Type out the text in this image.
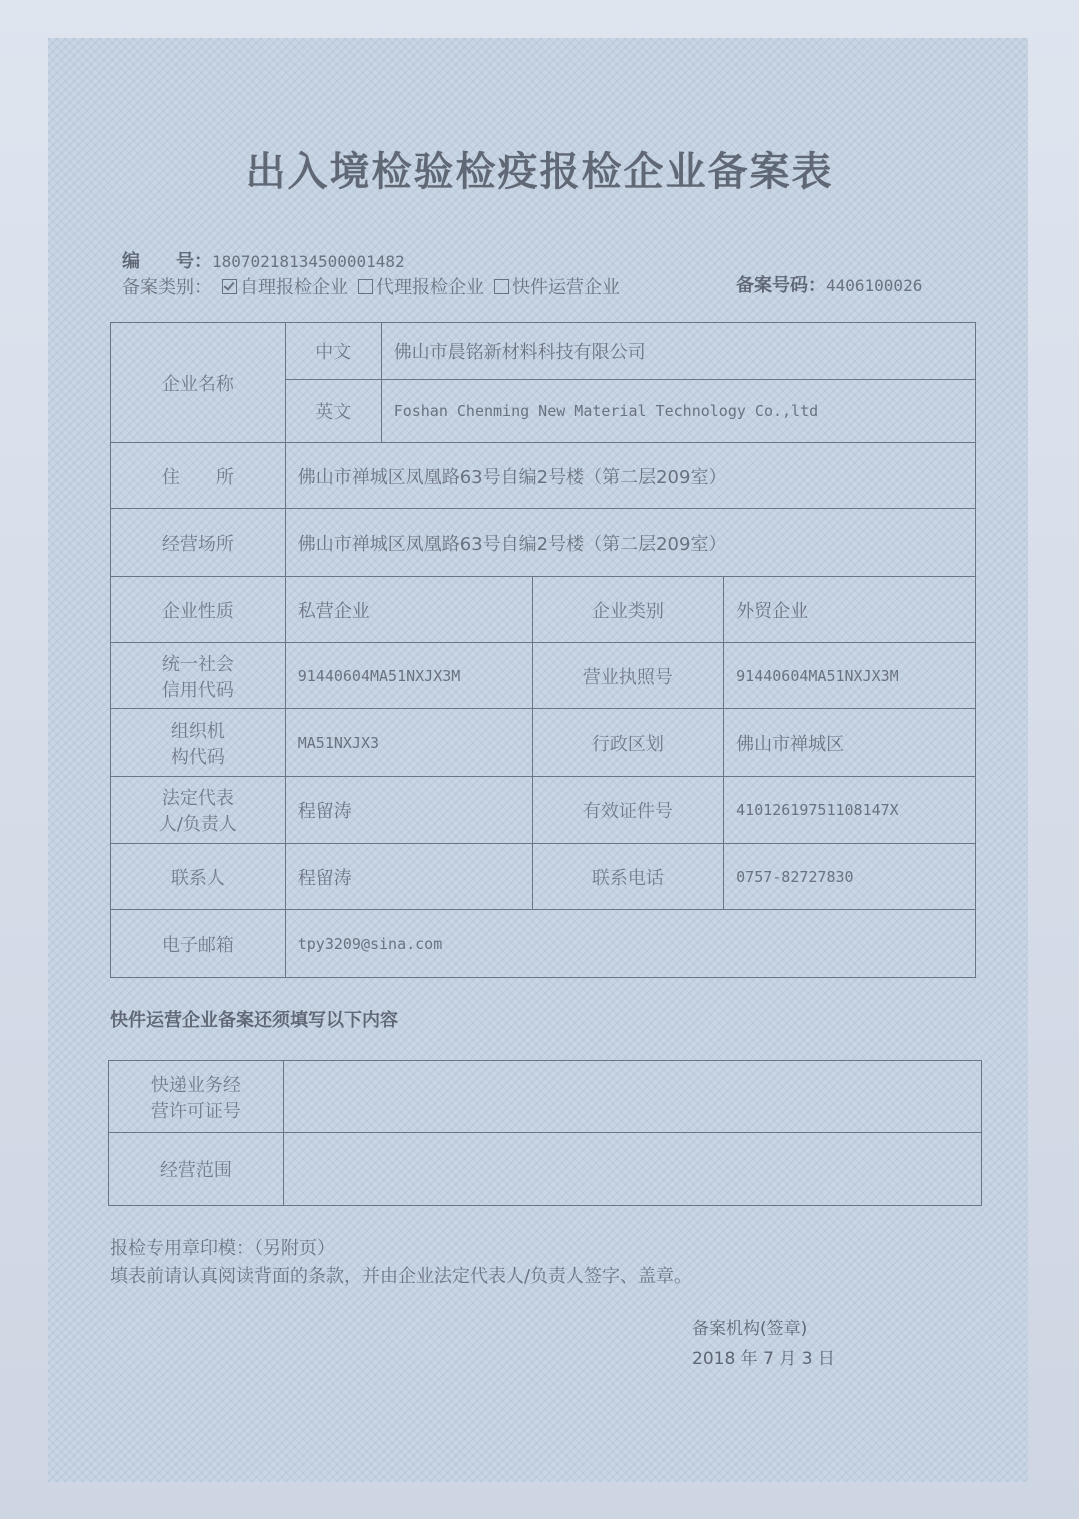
出入境检验检疫报检企业备案表
编　　号：18070218134500001482
备案类别： 自理报检企业 代理报检企业 快件运营企业	备案号码：4406100026
企业名称	中文	佛山市晨铭新材料科技有限公司		
	英文	Foshan Chenming New Material Technology Co.,ltd		
住　　所	佛山市禅城区凤凰路63号自编2号楼（第二层209室）			
经营场所	佛山市禅城区凤凰路63号自编2号楼（第二层209室）			
企业性质	私营企业		企业类别	外贸企业
统一社会
信用代码	91440604MA51NXJX3M		营业执照号	91440604MA51NXJX3M
组织机
构代码	MA51NXJX3		行政区划	佛山市禅城区
法定代表
人/负责人	程留涛		有效证件号	41012619751108147X
联系人	程留涛		联系电话	0757-82727830
电子邮箱	tpy3209@sina.com			
快件运营企业备案还须填写以下内容
快递业务经
营许可证号	
经营范围	
报检专用章印模：（另附页）
填表前请认真阅读背面的条款，并由企业法定代表人/负责人签字、盖章。
备案机构(签章)
2018 年 7 月 3 日
